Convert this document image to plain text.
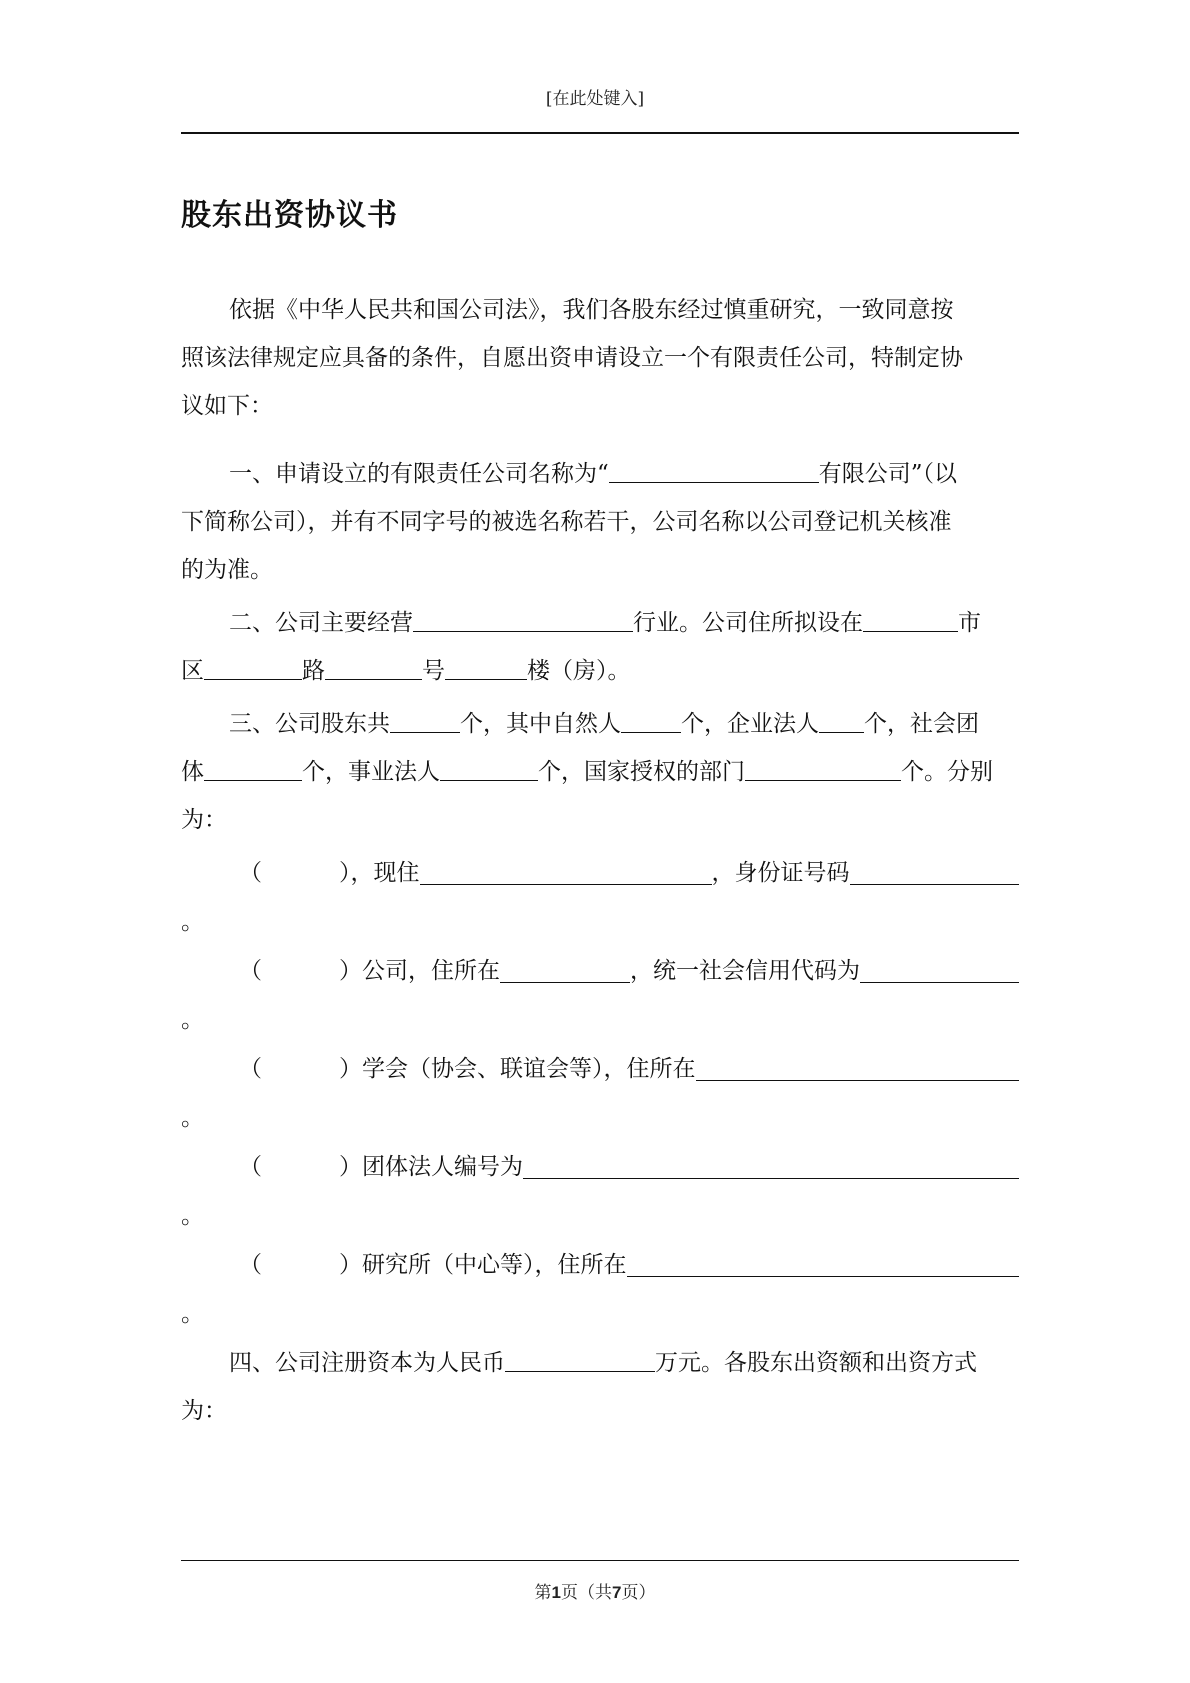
[在此处键入]
股东出资协议书

依据《中华人民共和国公司法》，我们各股东经过慎重研究，一致同意按

照该法律规定应具备的条件，自愿出资申请设立一个有限责任公司，特制定协

议如下：

一、申请设立的有限责任公司名称为“	有限公司”（以

下简称公司），并有不同字号的被选名称若干，公司名称以公司登记机关核准

的为准。

二、公司主要经营	行业。公司住所拟设在	市

区	路	号	楼（房）。

三、公司股东共	个，其中自然人	个，企业法人 个，社会团

体	个，事业法人	个，国家授权的部门	个。分别

为：

（	），现住	，身份证号码

。

（	）公司，住所在	，统一社会信用代码为

。

（	）学会（协会、联谊会等），住所在

。

（	）团体法人编号为

。

（	）研究所（中心等），住所在

。

四、公司注册资本为人民币	万元。各股东出资额和出资方式

为：

第1页（共7页）
